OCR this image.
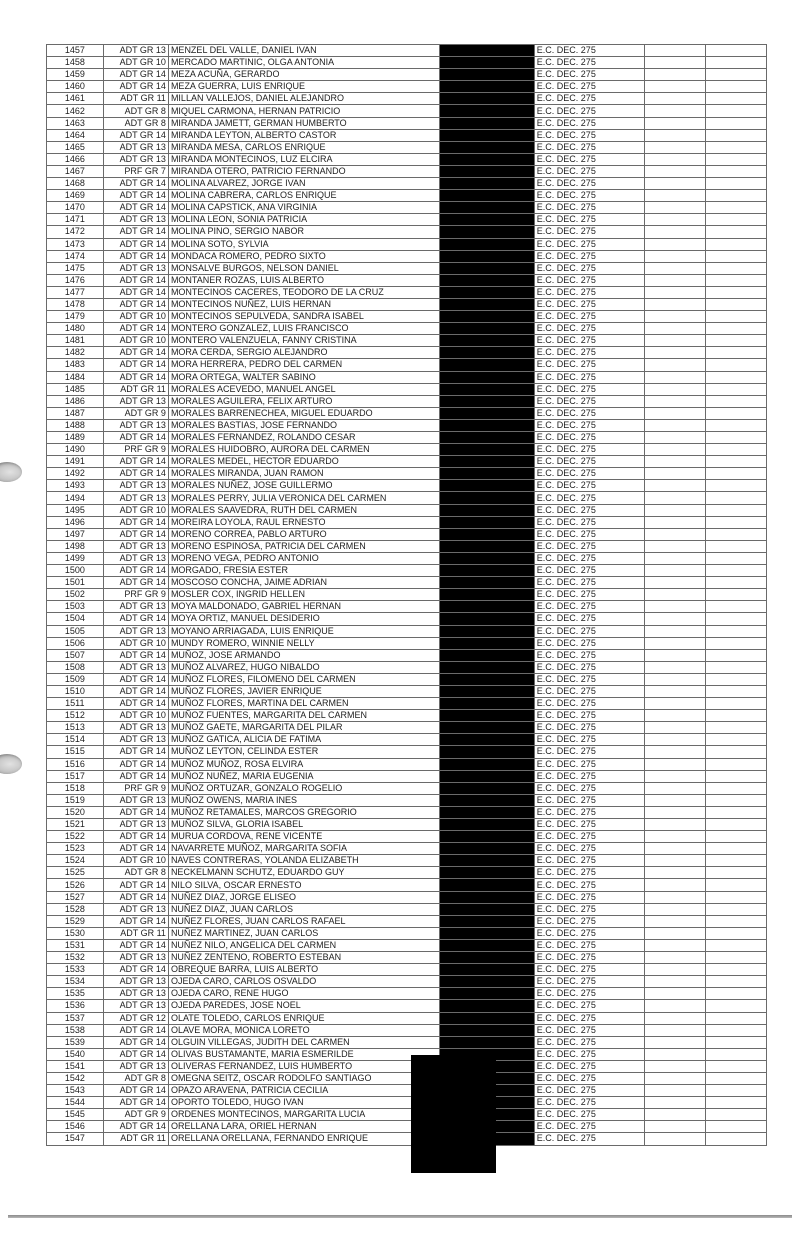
1457	ADT GR 13	MENZEL DEL VALLE, DANIEL IVAN		E.C. DEC. 275		
1458	ADT GR 10	MERCADO MARTINIC, OLGA ANTONIA		E.C. DEC. 275		
1459	ADT GR 14	MEZA ACUÑA, GERARDO		E.C. DEC. 275		
1460	ADT GR 14	MEZA GUERRA, LUIS ENRIQUE		E.C. DEC. 275		
1461	ADT GR 11	MILLAN VALLEJOS, DANIEL ALEJANDRO		E.C. DEC. 275		
1462	ADT GR 8	MIQUEL CARMONA, HERNAN PATRICIO		E.C. DEC. 275		
1463	ADT GR 8	MIRANDA JAMETT, GERMAN HUMBERTO		E.C. DEC. 275		
1464	ADT GR 14	MIRANDA LEYTON, ALBERTO CASTOR		E.C. DEC. 275		
1465	ADT GR 13	MIRANDA MESA, CARLOS ENRIQUE		E.C. DEC. 275		
1466	ADT GR 13	MIRANDA MONTECINOS, LUZ ELCIRA		E.C. DEC. 275		
1467	PRF GR 7	MIRANDA OTERO, PATRICIO FERNANDO		E.C. DEC. 275		
1468	ADT GR 14	MOLINA ALVAREZ, JORGE IVAN		E.C. DEC. 275		
1469	ADT GR 14	MOLINA CABRERA, CARLOS ENRIQUE		E.C. DEC. 275		
1470	ADT GR 14	MOLINA CAPSTICK, ANA VIRGINIA		E.C. DEC. 275		
1471	ADT GR 13	MOLINA LEON, SONIA PATRICIA		E.C. DEC. 275		
1472	ADT GR 14	MOLINA PINO, SERGIO NABOR		E.C. DEC. 275		
1473	ADT GR 14	MOLINA SOTO, SYLVIA		E.C. DEC. 275		
1474	ADT GR 14	MONDACA ROMERO, PEDRO SIXTO		E.C. DEC. 275		
1475	ADT GR 13	MONSALVE BURGOS, NELSON DANIEL		E.C. DEC. 275		
1476	ADT GR 14	MONTANER ROZAS, LUIS ALBERTO		E.C. DEC. 275		
1477	ADT GR 14	MONTECINOS CACERES, TEODORO DE LA CRUZ		E.C. DEC. 275		
1478	ADT GR 14	MONTECINOS NUÑEZ, LUIS HERNAN		E.C. DEC. 275		
1479	ADT GR 10	MONTECINOS SEPULVEDA, SANDRA ISABEL		E.C. DEC. 275		
1480	ADT GR 14	MONTERO GONZALEZ, LUIS FRANCISCO		E.C. DEC. 275		
1481	ADT GR 10	MONTERO VALENZUELA, FANNY CRISTINA		E.C. DEC. 275		
1482	ADT GR 14	MORA CERDA, SERGIO ALEJANDRO		E.C. DEC. 275		
1483	ADT GR 14	MORA HERRERA, PEDRO DEL CARMEN		E.C. DEC. 275		
1484	ADT GR 14	MORA ORTEGA, WALTER SABINO		E.C. DEC. 275		
1485	ADT GR 11	MORALES ACEVEDO, MANUEL ANGEL		E.C. DEC. 275		
1486	ADT GR 13	MORALES AGUILERA, FELIX ARTURO		E.C. DEC. 275		
1487	ADT GR 9	MORALES BARRENECHEA, MIGUEL EDUARDO		E.C. DEC. 275		
1488	ADT GR 13	MORALES BASTIAS, JOSE FERNANDO		E.C. DEC. 275		
1489	ADT GR 14	MORALES FERNANDEZ, ROLANDO CESAR		E.C. DEC. 275		
1490	PRF GR 9	MORALES HUIDOBRO, AURORA DEL CARMEN		E.C. DEC. 275		
1491	ADT GR 14	MORALES MEDEL, HECTOR EDUARDO		E.C. DEC. 275		
1492	ADT GR 14	MORALES MIRANDA, JUAN RAMON		E.C. DEC. 275		
1493	ADT GR 13	MORALES NUÑEZ, JOSE GUILLERMO		E.C. DEC. 275		
1494	ADT GR 13	MORALES PERRY, JULIA VERONICA DEL CARMEN		E.C. DEC. 275		
1495	ADT GR 10	MORALES SAAVEDRA, RUTH DEL CARMEN		E.C. DEC. 275		
1496	ADT GR 14	MOREIRA LOYOLA, RAUL ERNESTO		E.C. DEC. 275		
1497	ADT GR 14	MORENO CORREA, PABLO ARTURO		E.C. DEC. 275		
1498	ADT GR 13	MORENO ESPINOSA, PATRICIA DEL CARMEN		E.C. DEC. 275		
1499	ADT GR 13	MORENO VEGA, PEDRO ANTONIO		E.C. DEC. 275		
1500	ADT GR 14	MORGADO, FRESIA ESTER		E.C. DEC. 275		
1501	ADT GR 14	MOSCOSO CONCHA, JAIME ADRIAN		E.C. DEC. 275		
1502	PRF GR 9	MOSLER COX, INGRID HELLEN		E.C. DEC. 275		
1503	ADT GR 13	MOYA MALDONADO, GABRIEL HERNAN		E.C. DEC. 275		
1504	ADT GR 14	MOYA ORTIZ, MANUEL DESIDERIO		E.C. DEC. 275		
1505	ADT GR 13	MOYANO ARRIAGADA, LUIS ENRIQUE		E.C. DEC. 275		
1506	ADT GR 10	MUNDY ROMERO, WINNIE NELLY		E.C. DEC. 275		
1507	ADT GR 14	MUÑOZ, JOSE ARMANDO		E.C. DEC. 275		
1508	ADT GR 13	MUÑOZ ALVAREZ, HUGO NIBALDO		E.C. DEC. 275		
1509	ADT GR 14	MUÑOZ FLORES, FILOMENO DEL CARMEN		E.C. DEC. 275		
1510	ADT GR 14	MUÑOZ FLORES, JAVIER ENRIQUE		E.C. DEC. 275		
1511	ADT GR 14	MUÑOZ FLORES, MARTINA DEL CARMEN		E.C. DEC. 275		
1512	ADT GR 10	MUÑOZ FUENTES, MARGARITA DEL CARMEN		E.C. DEC. 275		
1513	ADT GR 13	MUÑOZ GAETE, MARGARITA DEL PILAR		E.C. DEC. 275		
1514	ADT GR 13	MUÑOZ GATICA, ALICIA DE FATIMA		E.C. DEC. 275		
1515	ADT GR 14	MUÑOZ LEYTON, CELINDA ESTER		E.C. DEC. 275		
1516	ADT GR 14	MUÑOZ MUÑOZ, ROSA ELVIRA		E.C. DEC. 275		
1517	ADT GR 14	MUÑOZ NUÑEZ, MARIA EUGENIA		E.C. DEC. 275		
1518	PRF GR 9	MUÑOZ ORTUZAR, GONZALO ROGELIO		E.C. DEC. 275		
1519	ADT GR 13	MUÑOZ OWENS, MARIA INES		E.C. DEC. 275		
1520	ADT GR 14	MUÑOZ RETAMALES, MARCOS GREGORIO		E.C. DEC. 275		
1521	ADT GR 13	MUÑOZ SILVA, GLORIA ISABEL		E.C. DEC. 275		
1522	ADT GR 14	MURUA CORDOVA, RENE VICENTE		E.C. DEC. 275		
1523	ADT GR 14	NAVARRETE MUÑOZ, MARGARITA SOFIA		E.C. DEC. 275		
1524	ADT GR 10	NAVES CONTRERAS, YOLANDA ELIZABETH		E.C. DEC. 275		
1525	ADT GR 8	NECKELMANN SCHUTZ, EDUARDO GUY		E.C. DEC. 275		
1526	ADT GR 14	NILO SILVA, OSCAR ERNESTO		E.C. DEC. 275		
1527	ADT GR 14	NUÑEZ DIAZ, JORGE ELISEO		E.C. DEC. 275		
1528	ADT GR 13	NUÑEZ DIAZ, JUAN CARLOS		E.C. DEC. 275		
1529	ADT GR 14	NUÑEZ FLORES, JUAN CARLOS RAFAEL		E.C. DEC. 275		
1530	ADT GR 11	NUÑEZ MARTINEZ, JUAN CARLOS		E.C. DEC. 275		
1531	ADT GR 14	NUÑEZ NILO, ANGELICA DEL CARMEN		E.C. DEC. 275		
1532	ADT GR 13	NUÑEZ ZENTENO, ROBERTO ESTEBAN		E.C. DEC. 275		
1533	ADT GR 14	OBREQUE BARRA, LUIS ALBERTO		E.C. DEC. 275		
1534	ADT GR 13	OJEDA CARO, CARLOS OSVALDO		E.C. DEC. 275		
1535	ADT GR 13	OJEDA CARO, RENE HUGO		E.C. DEC. 275		
1536	ADT GR 13	OJEDA PAREDES, JOSE NOEL		E.C. DEC. 275		
1537	ADT GR 12	OLATE TOLEDO, CARLOS ENRIQUE		E.C. DEC. 275		
1538	ADT GR 14	OLAVE MORA, MONICA LORETO		E.C. DEC. 275		
1539	ADT GR 14	OLGUIN VILLEGAS, JUDITH DEL CARMEN		E.C. DEC. 275		
1540	ADT GR 14	OLIVAS BUSTAMANTE, MARIA ESMERILDE		E.C. DEC. 275		
1541	ADT GR 13	OLIVERAS FERNANDEZ, LUIS HUMBERTO		E.C. DEC. 275		
1542	ADT GR 8	OMEGNA SEITZ, OSCAR RODOLFO SANTIAGO		E.C. DEC. 275		
1543	ADT GR 14	OPAZO ARAVENA, PATRICIA CECILIA		E.C. DEC. 275		
1544	ADT GR 14	OPORTO TOLEDO, HUGO IVAN		E.C. DEC. 275		
1545	ADT GR 9	ORDENES MONTECINOS, MARGARITA LUCIA		E.C. DEC. 275		
1546	ADT GR 14	ORELLANA LARA, ORIEL HERNAN		E.C. DEC. 275		
1547	ADT GR 11	ORELLANA ORELLANA, FERNANDO ENRIQUE		E.C. DEC. 275		
